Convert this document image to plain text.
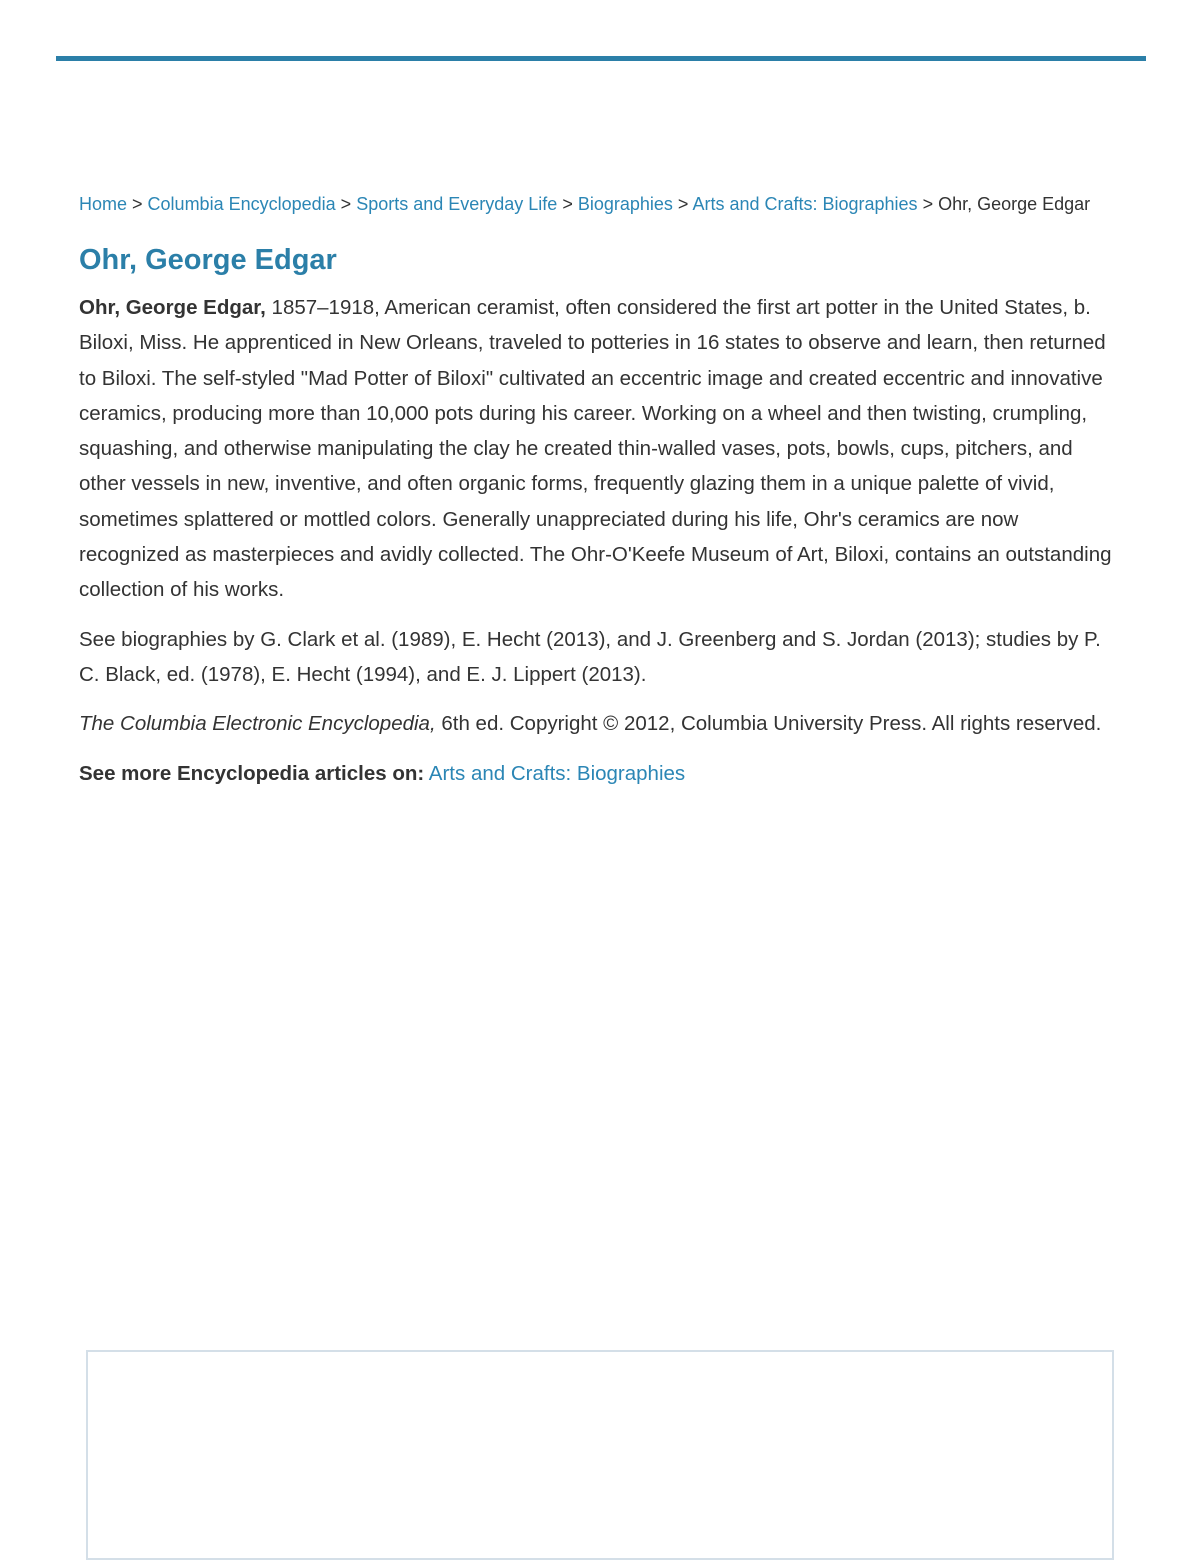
Home > Columbia Encyclopedia > Sports and Everyday Life > Biographies > Arts and Crafts: Biographies > Ohr, George Edgar
Ohr, George Edgar

Ohr, George Edgar, 1857–1918, American ceramist, often considered the first art potter in the United States, b. Biloxi, Miss. He apprenticed in New Orleans, traveled to potteries in 16 states to observe and learn, then returned to Biloxi. The self-styled "Mad Potter of Biloxi" cultivated an eccentric image and created eccentric and innovative ceramics, producing more than 10,000 pots during his career. Working on a wheel and then twisting, crumpling, squashing, and otherwise manipulating the clay he created thin-walled vases, pots, bowls, cups, pitchers, and other vessels in new, inventive, and often organic forms, frequently glazing them in a unique palette of vivid, sometimes splattered or mottled colors. Generally unappreciated during his life, Ohr's ceramics are now recognized as masterpieces and avidly collected. The Ohr-O'Keefe Museum of Art, Biloxi, contains an outstanding collection of his works.

See biographies by G. Clark et al. (1989), E. Hecht (2013), and J. Greenberg and S. Jordan (2013); studies by P. C. Black, ed. (1978), E. Hecht (1994), and E. J. Lippert (2013).

The Columbia Electronic Encyclopedia, 6th ed. Copyright © 2012, Columbia University Press. All rights reserved.

See more Encyclopedia articles on: Arts and Crafts: Biographies
